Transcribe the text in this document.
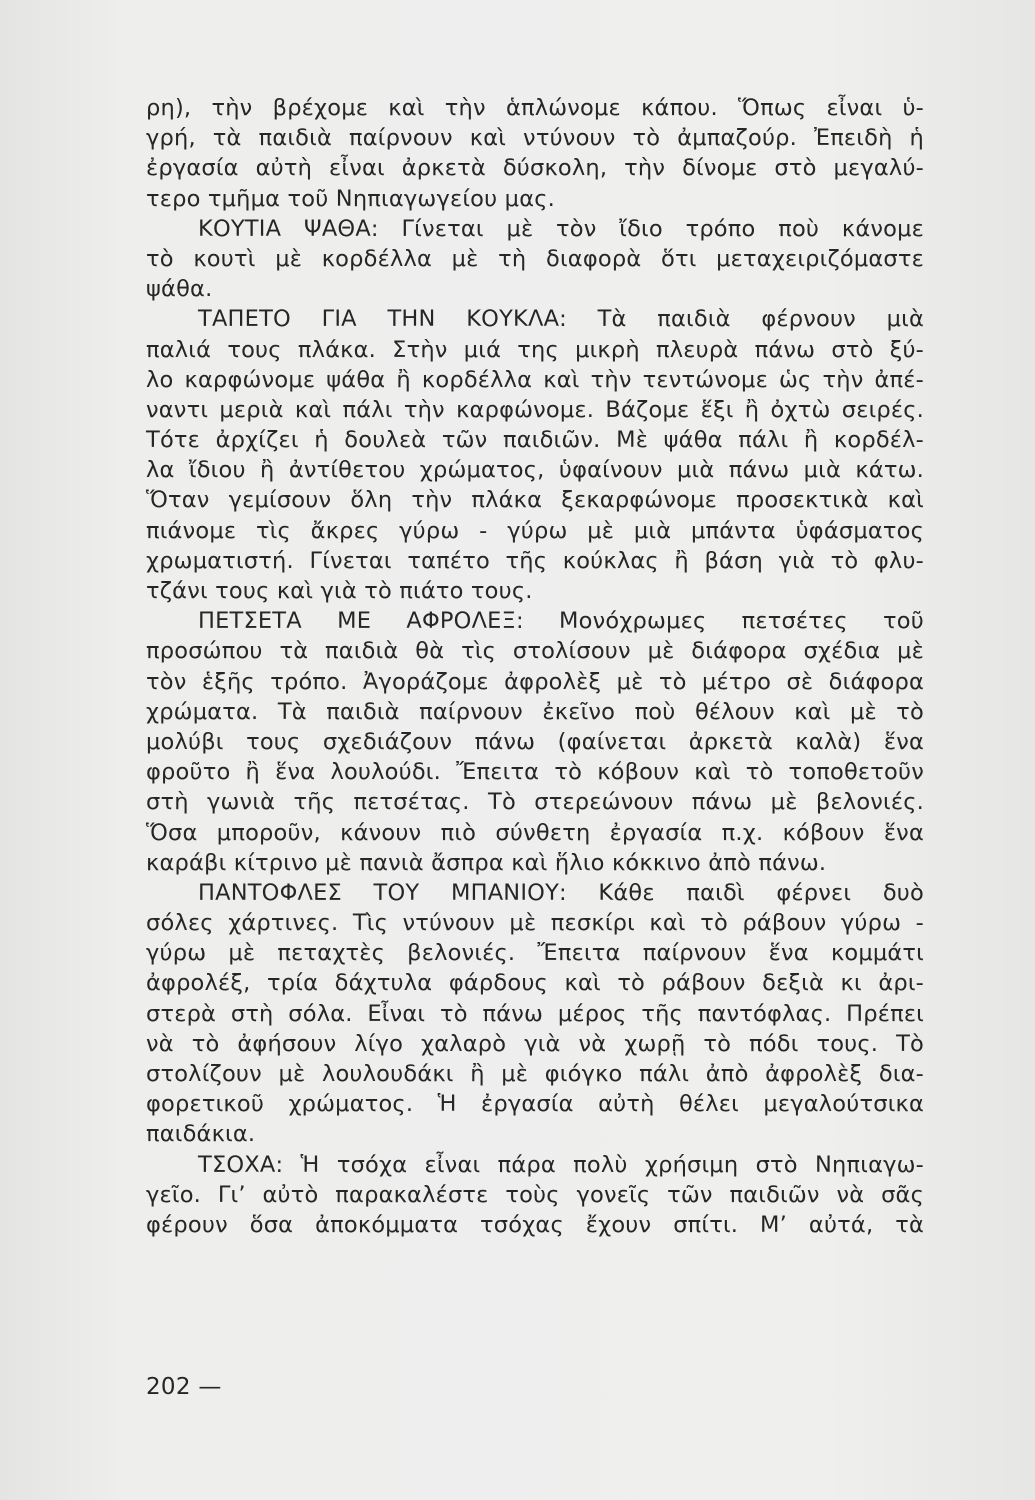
ρη), τὴν βρέχομε καὶ τὴν ἁπλώνομε κάπου. Ὅπως εἶναι ὑ-
γρή, τὰ παιδιὰ παίρνουν καὶ ντύνουν τὸ ἀμπαζούρ. Ἐπειδὴ ἡ
ἐργασία αὐτὴ εἶναι ἀρκετὰ δύσκολη, τὴν δίνομε στὸ μεγαλύ-
τερο τμῆμα τοῦ Νηπιαγωγείου μας.
ΚΟΥΤΙΑ ΨΑΘΑ: Γίνεται μὲ τὸν ἴδιο τρόπο ποὺ κάνομε
τὸ κουτὶ μὲ κορδέλλα μὲ τὴ διαφορὰ ὅτι μεταχειριζόμαστε
ψάθα.
ΤΑΠΕΤΟ ΓΙΑ ΤΗΝ ΚΟΥΚΛΑ: Τὰ παιδιὰ φέρνουν μιὰ
παλιά τους πλάκα. Στὴν μιά της μικρὴ πλευρὰ πάνω στὸ ξύ-
λο καρφώνομε ψάθα ἢ κορδέλλα καὶ τὴν τεντώνομε ὡς τὴν ἀπέ-
ναντι μεριὰ καὶ πάλι τὴν καρφώνομε. Βάζομε ἕξι ἢ ὀχτὼ σειρές.
Τότε ἀρχίζει ἡ δουλεὰ τῶν παιδιῶν. Μὲ ψάθα πάλι ἢ κορδέλ-
λα ἴδιου ἢ ἀντίθετου χρώματος, ὑφαίνουν μιὰ πάνω μιὰ κάτω.
Ὅταν γεμίσουν ὅλη τὴν πλάκα ξεκαρφώνομε προσεκτικὰ καὶ
πιάνομε τὶς ἄκρες γύρω - γύρω μὲ μιὰ μπάντα ὑφάσματος
χρωματιστή. Γίνεται ταπέτο τῆς κούκλας ἢ βάση γιὰ τὸ φλυ-
τζάνι τους καὶ γιὰ τὸ πιάτο τους.
ΠΕΤΣΕΤΑ ΜΕ ΑΦΡΟΛΕΞ: Μονόχρωμες πετσέτες τοῦ
προσώπου τὰ παιδιὰ θὰ τὶς στολίσουν μὲ διάφορα σχέδια μὲ
τὸν ἑξῆς τρόπο. Ἀγοράζομε ἀφρολὲξ μὲ τὸ μέτρο σὲ διάφορα
χρώματα. Τὰ παιδιὰ παίρνουν ἐκεῖνο ποὺ θέλουν καὶ μὲ τὸ
μολύβι τους σχεδιάζουν πάνω (φαίνεται ἀρκετὰ καλὰ) ἕνα
φροῦτο ἢ ἕνα λουλούδι. Ἔπειτα τὸ κόβουν καὶ τὸ τοποθετοῦν
στὴ γωνιὰ τῆς πετσέτας. Τὸ στερεώνουν πάνω μὲ βελονιές.
Ὅσα μποροῦν, κάνουν πιὸ σύνθετη ἐργασία π.χ. κόβουν ἕνα
καράβι κίτρινο μὲ πανιὰ ἄσπρα καὶ ἥλιο κόκκινο ἀπὸ πάνω.
ΠΑΝΤΟΦΛΕΣ ΤΟΥ ΜΠΑΝΙΟΥ: Κάθε παιδὶ φέρνει δυὸ
σόλες χάρτινες. Τὶς ντύνουν μὲ πεσκίρι καὶ τὸ ράβουν γύρω -
γύρω μὲ πεταχτὲς βελονιές. Ἔπειτα παίρνουν ἕνα κομμάτι
ἀφρολέξ, τρία δάχτυλα φάρδους καὶ τὸ ράβουν δεξιὰ κι ἀρι-
στερὰ στὴ σόλα. Εἶναι τὸ πάνω μέρος τῆς παντόφλας. Πρέπει
νὰ τὸ ἀφήσουν λίγο χαλαρὸ γιὰ νὰ χωρῇ τὸ πόδι τους. Τὸ
στολίζουν μὲ λουλουδάκι ἢ μὲ φιόγκο πάλι ἀπὸ ἀφρολὲξ δια-
φορετικοῦ χρώματος. Ἡ ἐργασία αὐτὴ θέλει μεγαλούτσικα
παιδάκια.
ΤΣΟΧΑ: Ἡ τσόχα εἶναι πάρα πολὺ χρήσιμη στὸ Νηπιαγω-
γεῖο. Γι’ αὐτὸ παρακαλέστε τοὺς γονεῖς τῶν παιδιῶν νὰ σᾶς
φέρουν ὅσα ἀποκόμματα τσόχας ἔχουν σπίτι. Μ’ αὐτά, τὰ
202 —
